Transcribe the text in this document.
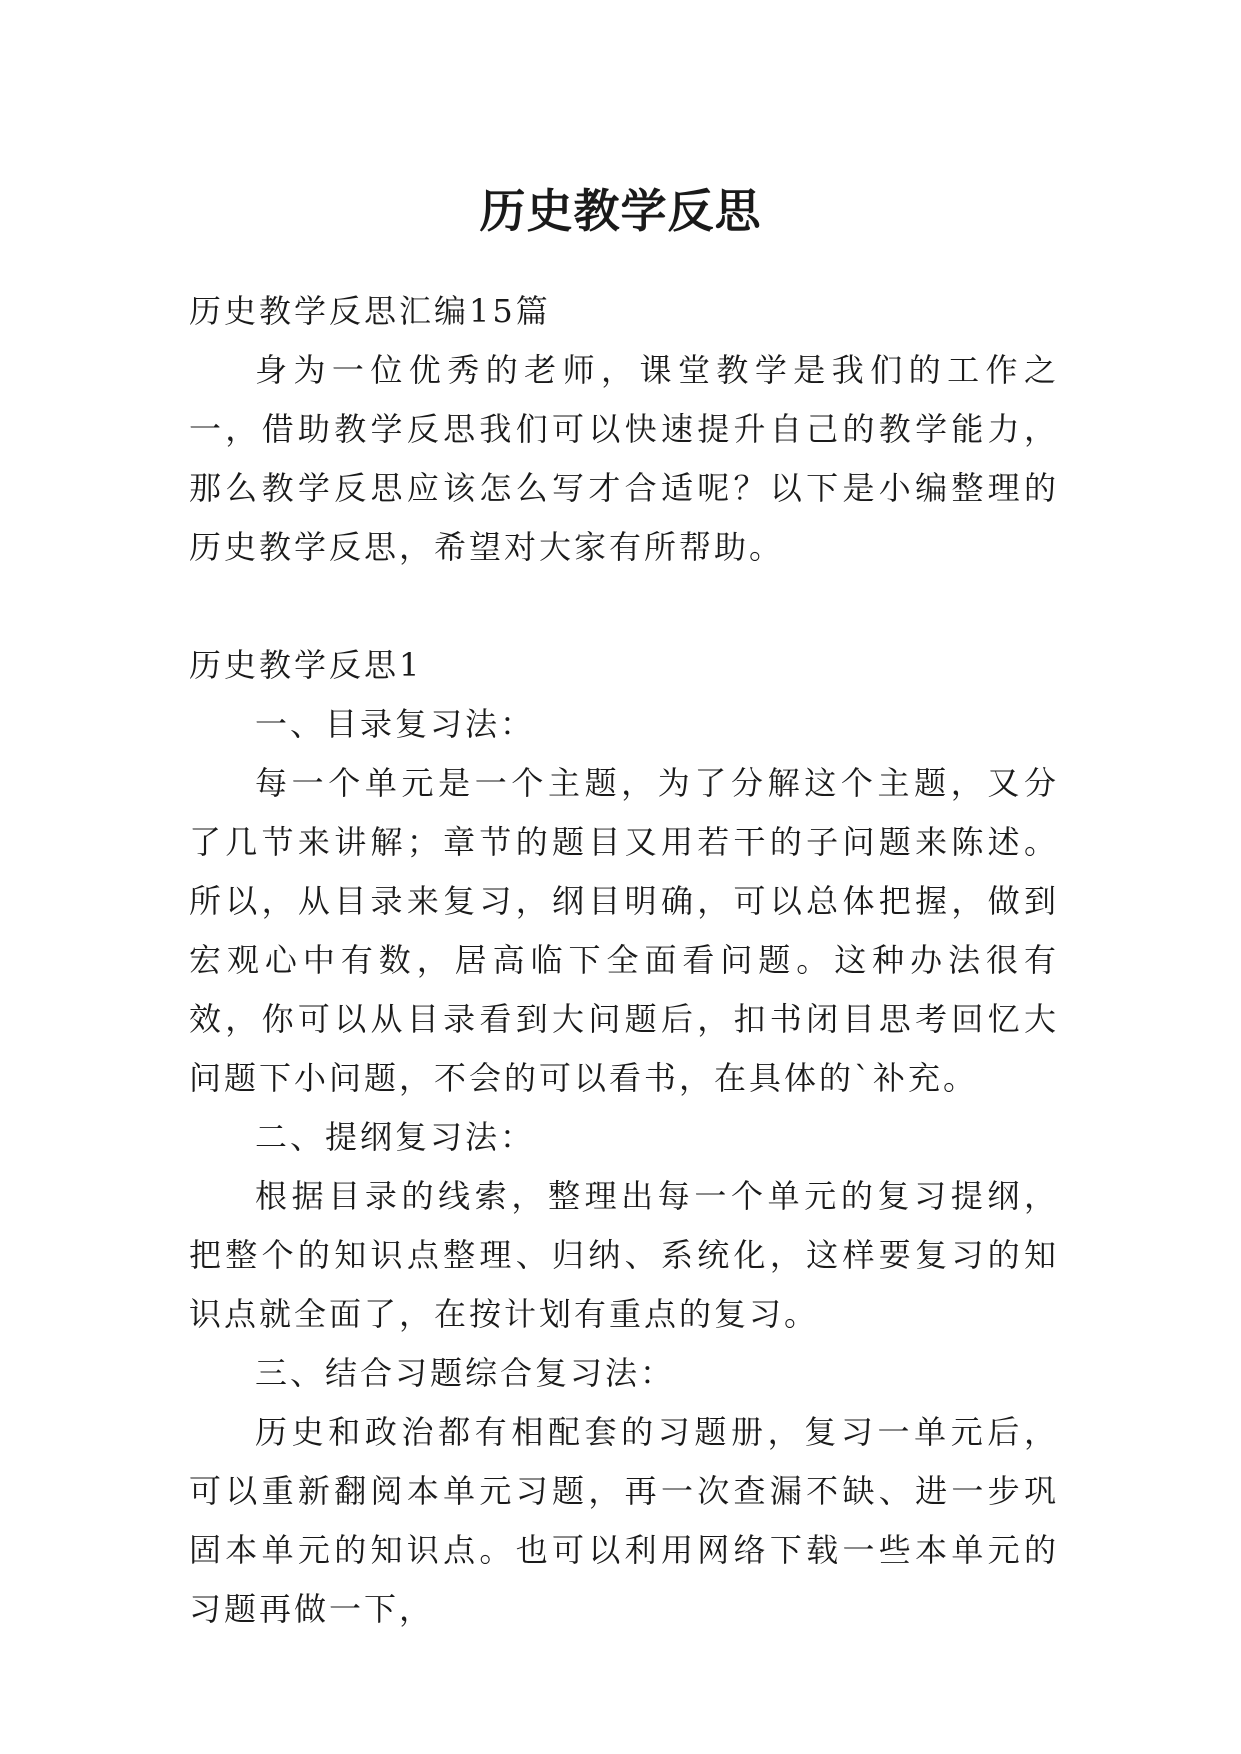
历史教学反思

历史教学反思汇编15篇

身为一位优秀的老师，课堂教学是我们的工作之一，借助教学反思我们可以快速提升自己的教学能力，那么教学反思应该怎么写才合适呢？以下是小编整理的历史教学反思，希望对大家有所帮助。

历史教学反思1

一、目录复习法：

每一个单元是一个主题，为了分解这个主题，又分了几节来讲解；章节的题目又用若干的子问题来陈述。所以，从目录来复习，纲目明确，可以总体把握，做到宏观心中有数，居高临下全面看问题。这种办法很有效，你可以从目录看到大问题后，扣书闭目思考回忆大问题下小问题，不会的可以看书，在具体的`补充。

二、提纲复习法：

根据目录的线索，整理出每一个单元的复习提纲，把整个的知识点整理、归纳、系统化，这样要复习的知识点就全面了，在按计划有重点的复习。

三、结合习题综合复习法：

历史和政治都有相配套的习题册，复习一单元后，可以重新翻阅本单元习题，再一次查漏不缺、进一步巩固本单元的知识点。也可以利用网络下载一些本单元的习题再做一下，
